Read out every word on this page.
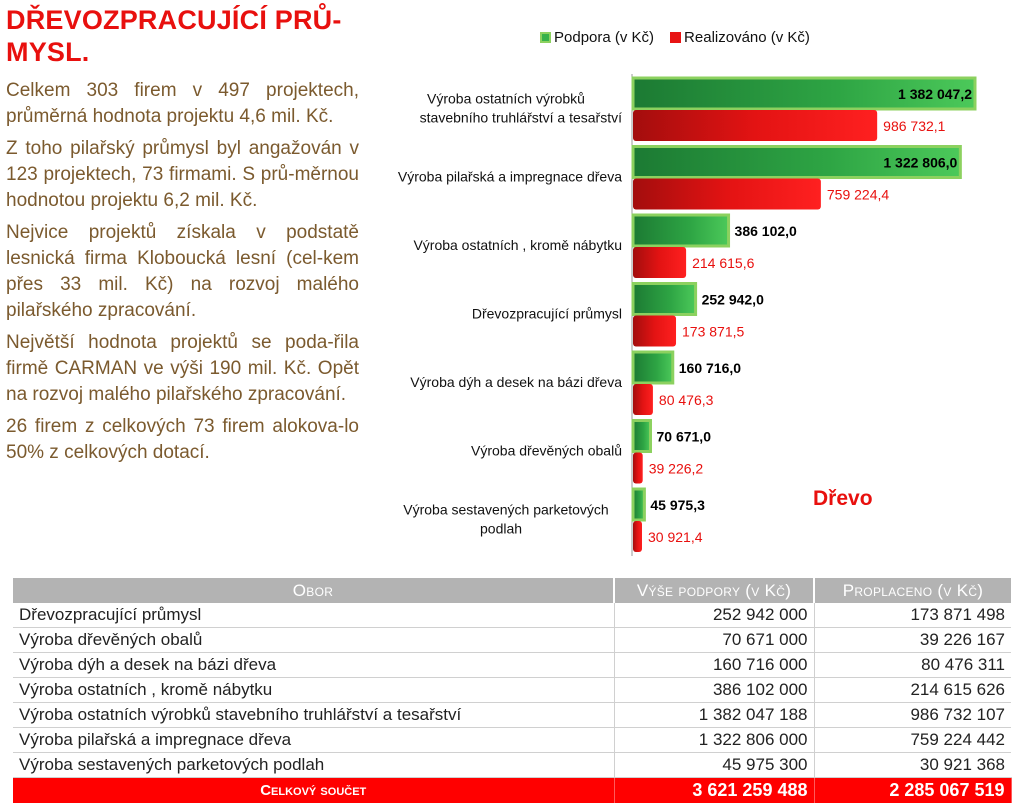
DŘEVOZPRACUJÍCÍ PRŮ-MYSL.

Celkem 303 firem v 497 projektech, průměrná hodnota projektu 4,6 mil. Kč.

Z toho pilařský průmysl byl angažován v 123 projektech, 73 firmami. S prů-měrnou hodnotou projektu 6,2 mil. Kč.

Nejvice projektů získala v podstatě lesnická firma Kloboucká lesní (cel-kem přes 33 mil. Kč) na rozvoj malého pilařského zpracování.

Největší hodnota projektů se poda-řila firmě CARMAN ve výši 190 mil. Kč. Opět na rozvoj malého pilařského zpracování.

26 firem z celkových 73 firem alokova-lo 50% z celkových dotací.

Podpora (v Kč) Realizováno (v Kč)
1 382 047,2
986 732,1
Výroba ostatních výrobků
stavebního truhlářství a tesařství
1 322 806,0
759 224,4
Výroba pilařská a impregnace dřeva
386 102,0
214 615,6
Výroba ostatních , kromě nábytku
252 942,0
173 871,5
Dřevozpracující průmysl
160 716,0
80 476,3
Výroba dýh a desek na bázi dřeva
70 671,0
39 226,2
Výroba dřevěných obalů
45 975,3
30 921,4
Výroba sestavených parketových
podlah
Dřevo
Obor	Výše podpory (v Kč)	Proplaceno (v Kč)
Dřevozpracující průmysl	252 942 000	173 871 498
Výroba dřevěných obalů	70 671 000	39 226 167
Výroba dýh a desek na bázi dřeva	160 716 000	80 476 311
Výroba ostatních , kromě nábytku	386 102 000	214 615 626
Výroba ostatních výrobků stavebního truhlářství a tesařství	1 382 047 188	986 732 107
Výroba pilařská a impregnace dřeva	1 322 806 000	759 224 442
Výroba sestavených parketových podlah	45 975 300	30 921 368
Celkový součet	3 621 259 488	2 285 067 519
